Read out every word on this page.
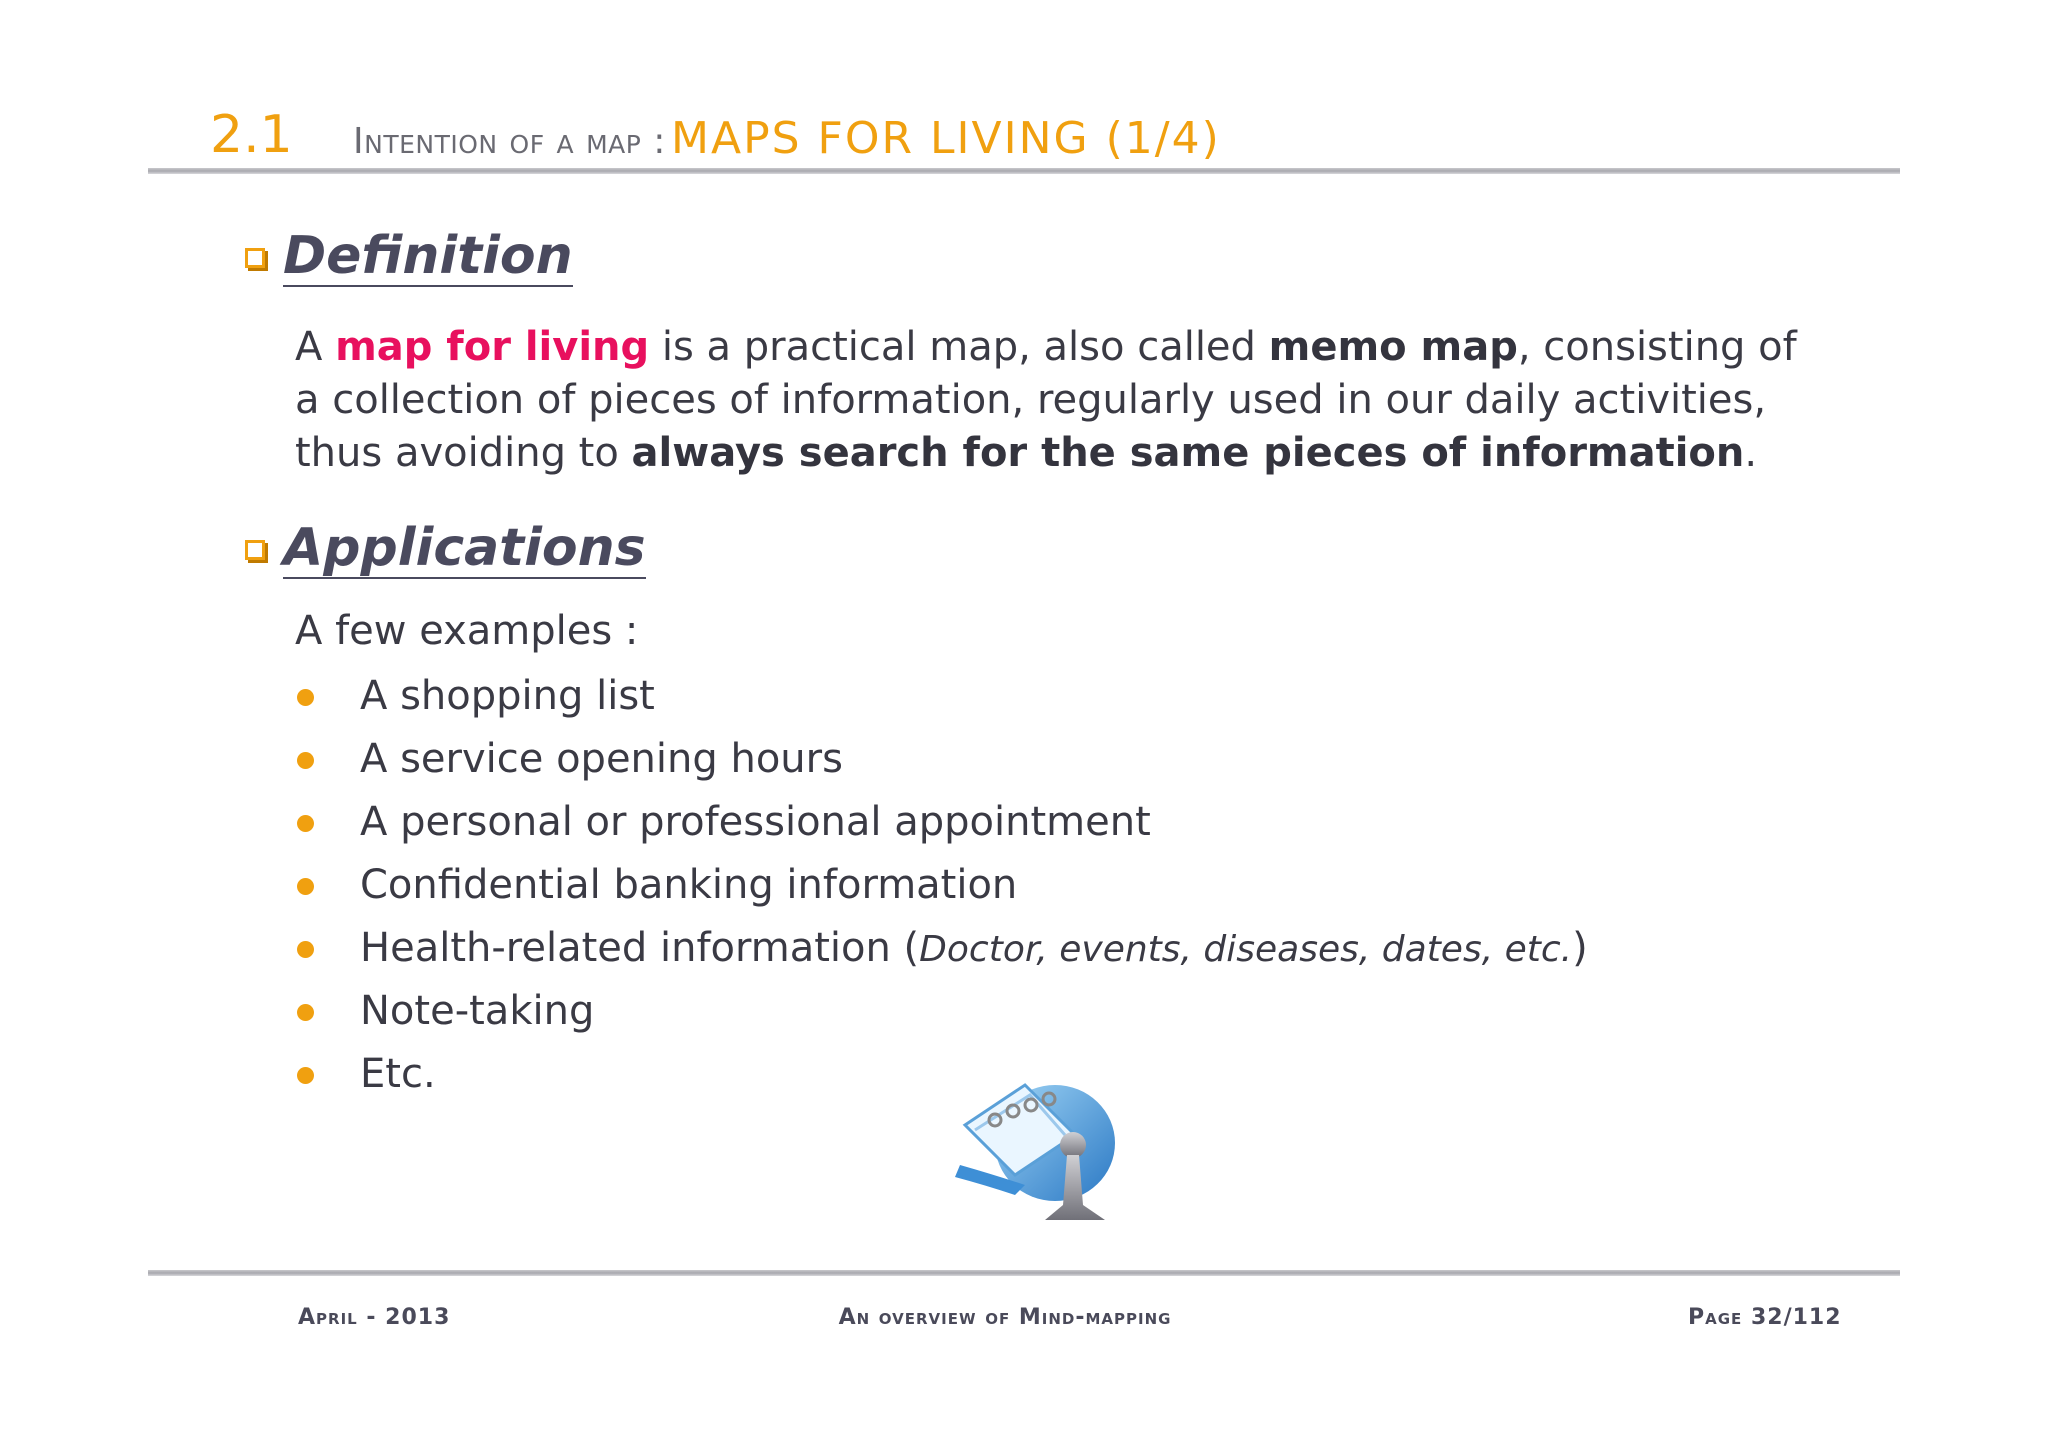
2.1 Intention of a map : MAPS FOR LIVING (1/4)
Definition
A map for living is a practical map, also called memo map, consisting of a collection of pieces of information, regularly used in our daily activities, thus avoiding to always search for the same pieces of information.
Applications
A few examples :
A shopping list
A service opening hours
A personal or professional appointment
Confidential banking information
Health-related information (Doctor, events, diseases, dates, etc.)
Note-taking
Etc.
April - 2013	An overview of Mind-mapping	Page 32/112
